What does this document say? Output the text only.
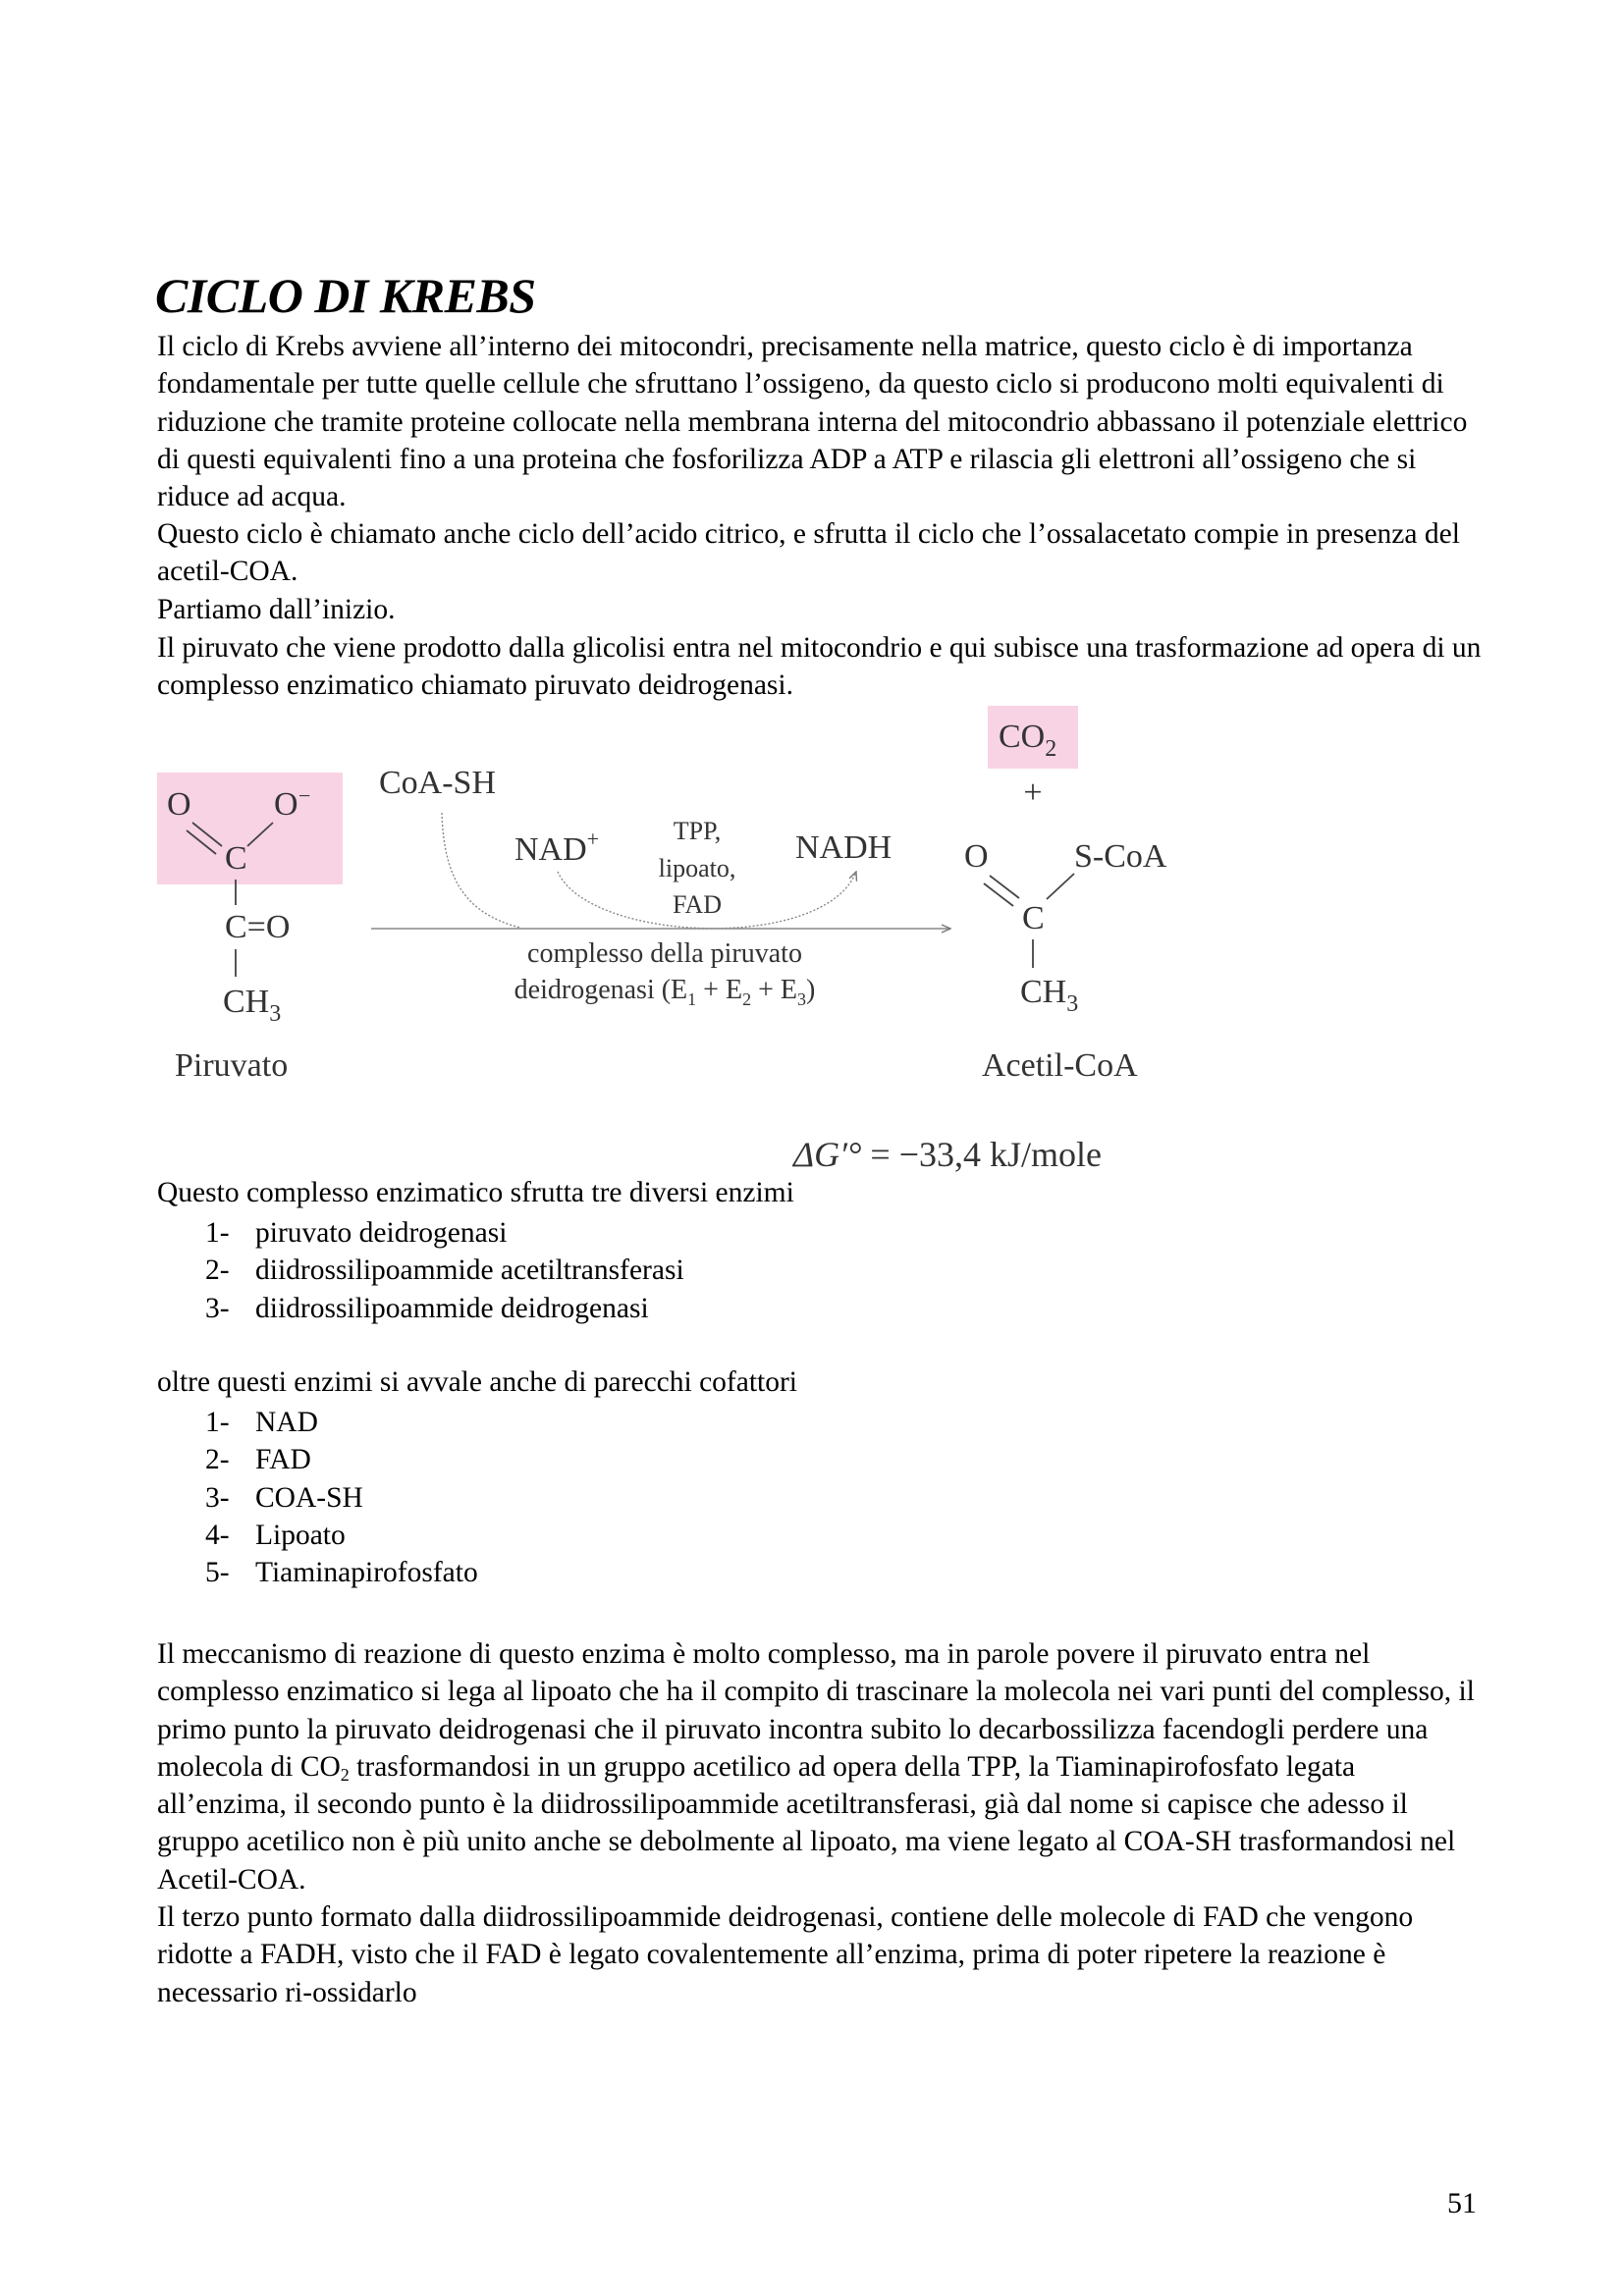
CICLO DI KREBS

Il ciclo di Krebs avviene all’interno dei mitocondri, precisamente nella matrice, questo ciclo è di importanza fondamentale per tutte quelle cellule che sfruttano l’ossigeno, da questo ciclo si producono molti equivalenti di riduzione che tramite proteine collocate nella membrana interna del mitocondrio abbassano il potenziale elettrico di questi equivalenti fino a una proteina che fosforilizza ADP a ATP e rilascia gli elettroni all’ossigeno che si riduce ad acqua.

Questo ciclo è chiamato anche ciclo dell’acido citrico, e sfrutta il ciclo che l’ossalacetato compie in presenza del acetil-COA.

Partiamo dall’inizio.

Il piruvato che viene prodotto dalla glicolisi entra nel mitocondrio e qui subisce una trasformazione ad opera di un complesso enzimatico chiamato piruvato deidrogenasi.

O O −
C
C=O
$CH_3$
Piruvato
CoA-SH
NAD+	TPP,
lipoato,
FAD
NADH
complesso della piruvato
deidrogenasi $(E_1 + E_2 + E_3)$
$CO_2$
+
O	S-CoA
C
$CH_3$
Acetil-CoA
ΔG′° = −33,4 kJ/mole

Questo complesso enzimatico sfrutta tre diversi enzimi

1- piruvato deidrogenasi
2- diidrossilipoammide acetiltransferasi
3- diidrossilipoammide deidrogenasi

oltre questi enzimi si avvale anche di parecchi cofattori

1- NAD
2- FAD
3- COA-SH
4- Lipoato
5- Tiaminapirofosfato

Il meccanismo di reazione di questo enzima è molto complesso, ma in parole povere il piruvato entra nel complesso enzimatico si lega al lipoato che ha il compito di trascinare la molecola nei vari punti del complesso, il primo punto la piruvato deidrogenasi che il piruvato incontra subito lo decarbossilizza facendogli perdere una molecola di $CO_2$ trasformandosi in un gruppo acetilico ad opera della TPP, la Tiaminapirofosfato legata all’enzima, il secondo punto è la diidrossilipoammide acetiltransferasi, già dal nome si capisce che adesso il gruppo acetilico non è più unito anche se debolmente al lipoato, ma viene legato al COA-SH trasformandosi nel Acetil-COA.

Il terzo punto formato dalla diidrossilipoammide deidrogenasi, contiene delle molecole di FAD che vengono ridotte a FADH, visto che il FAD è legato covalentemente all’enzima, prima di poter ripetere la reazione è necessario ri-ossidarlo

51
